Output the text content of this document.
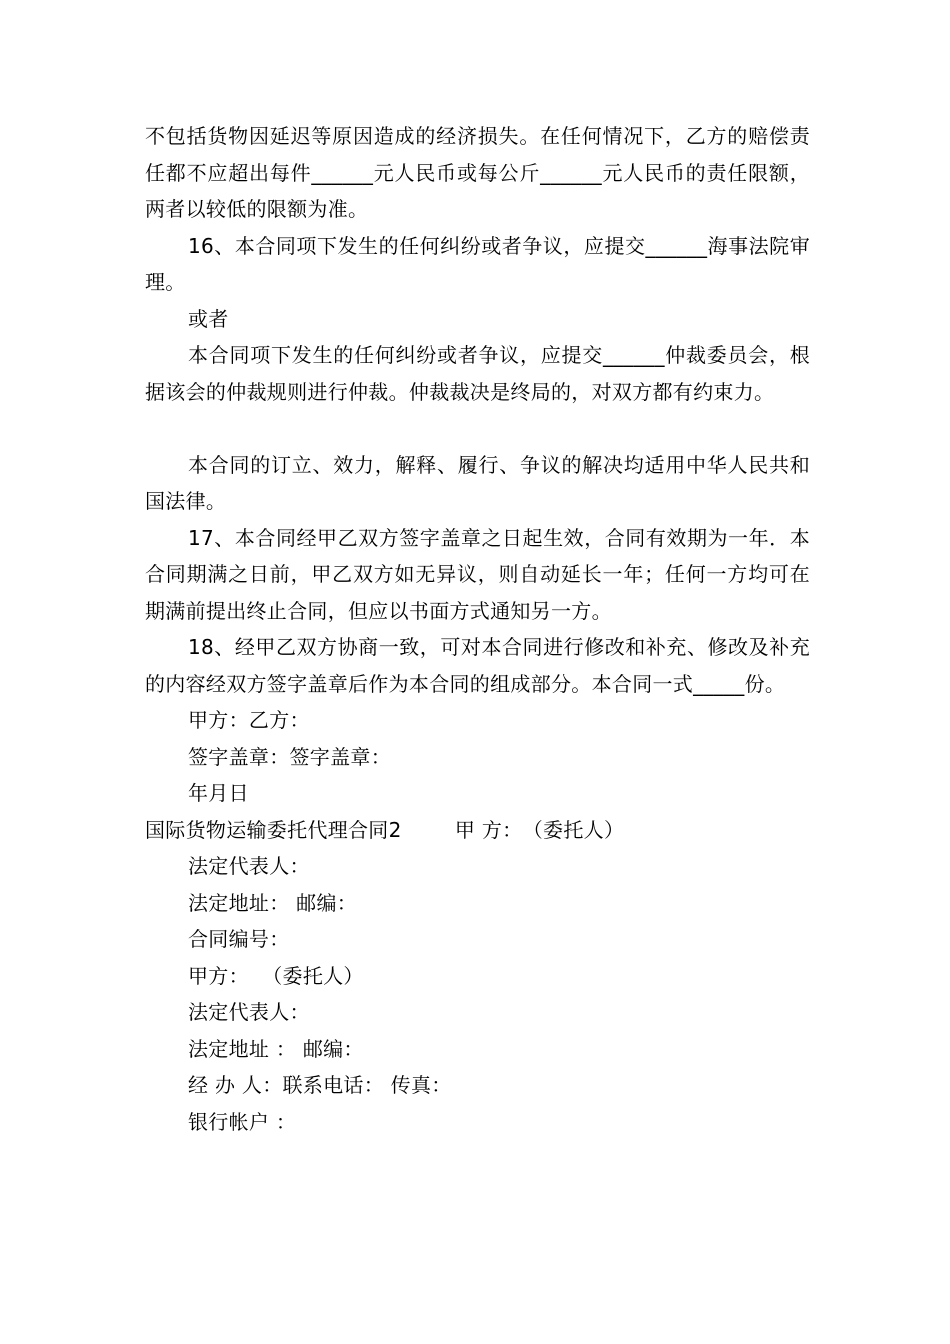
不包括货物因延迟等原因造成的经济损失。在任何情况下，乙方的赔偿责任都不应超出每件______元人民币或每公斤______元人民币的责任限额，两者以较低的限额为准。

16、本合同项下发生的任何纠纷或者争议，应提交______海事法院审理。

或者

本合同项下发生的任何纠纷或者争议，应提交______仲裁委员会，根据该会的仲裁规则进行仲裁。仲裁裁决是终局的，对双方都有约束力。

本合同的订立、效力，解释、履行、争议的解决均适用中华人民共和国法律。

17、本合同经甲乙双方签字盖章之日起生效，合同有效期为一年．本合同期满之日前，甲乙双方如无异议，则自动延长一年；任何一方均可在期满前提出终止合同，但应以书面方式通知另一方。

18、经甲乙双方协商一致，可对本合同进行修改和补充、修改及补充的内容经双方签字盖章后作为本合同的组成部分。本合同一式_____份。

甲方：乙方：

签字盖章：签字盖章：

年月日

国际货物运输委托代理合同2        甲 方：　（委托人）

法定代表人：

法定地址： 邮编：

合同编号：

甲方：  （委托人）

法定代表人：

法定地址 ： 邮编：

经 办 人：联系电话： 传真：

银行帐户 ：
